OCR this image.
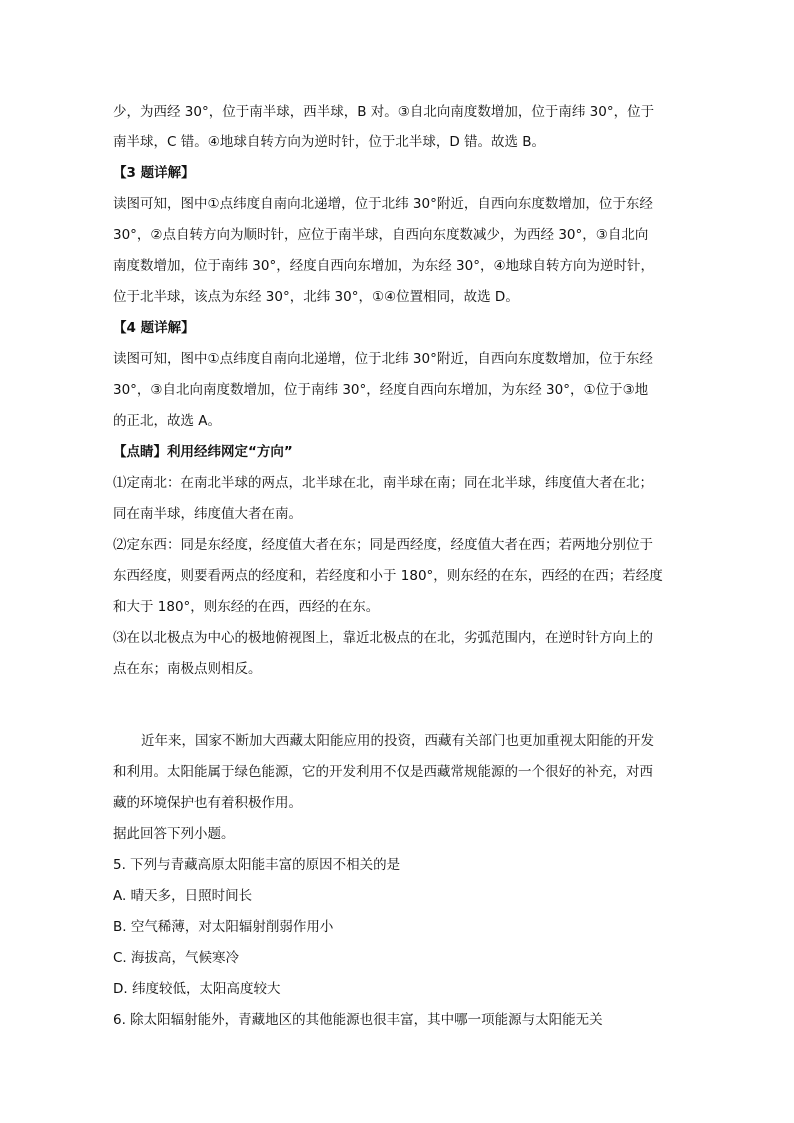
少，为西经 30°，位于南半球，西半球，B 对。③自北向南度数增加，位于南纬 30°，位于
南半球，C 错。④地球自转方向为逆时针，位于北半球，D 错。故选 B。
【3 题详解】
读图可知，图中①点纬度自南向北递增，位于北纬 30°附近，自西向东度数增加，位于东经
30°，②点自转方向为顺时针，应位于南半球，自西向东度数减少，为西经 30°，③自北向
南度数增加，位于南纬 30°，经度自西向东增加，为东经 30°，④地球自转方向为逆时针，
位于北半球，该点为东经 30°，北纬 30°，①④位置相同，故选 D。
【4 题详解】
读图可知，图中①点纬度自南向北递增，位于北纬 30°附近，自西向东度数增加，位于东经
30°，③自北向南度数增加，位于南纬 30°，经度自西向东增加，为东经 30°，①位于③地
的正北，故选 A。
【点睛】利用经纬网定“方向”
⑴定南北：在南北半球的两点，北半球在北，南半球在南；同在北半球，纬度值大者在北；
同在南半球，纬度值大者在南。
⑵定东西：同是东经度，经度值大者在东；同是西经度，经度值大者在西；若两地分别位于
东西经度，则要看两点的经度和，若经度和小于 180°，则东经的在东，西经的在西；若经度
和大于 180°，则东经的在西，西经的在东。
⑶在以北极点为中心的极地俯视图上，靠近北极点的在北，劣弧范围内，在逆时针方向上的
点在东；南极点则相反。
近年来，国家不断加大西藏太阳能应用的投资，西藏有关部门也更加重视太阳能的开发
和利用。太阳能属于绿色能源，它的开发利用不仅是西藏常规能源的一个很好的补充，对西
藏的环境保护也有着积极作用。
据此回答下列小题。
5. 下列与青藏高原太阳能丰富的原因不相关的是
A. 晴天多，日照时间长
B. 空气稀薄，对太阳辐射削弱作用小
C. 海拔高，气候寒冷
D. 纬度较低，太阳高度较大
6. 除太阳辐射能外，青藏地区的其他能源也很丰富，其中哪一项能源与太阳能无关
